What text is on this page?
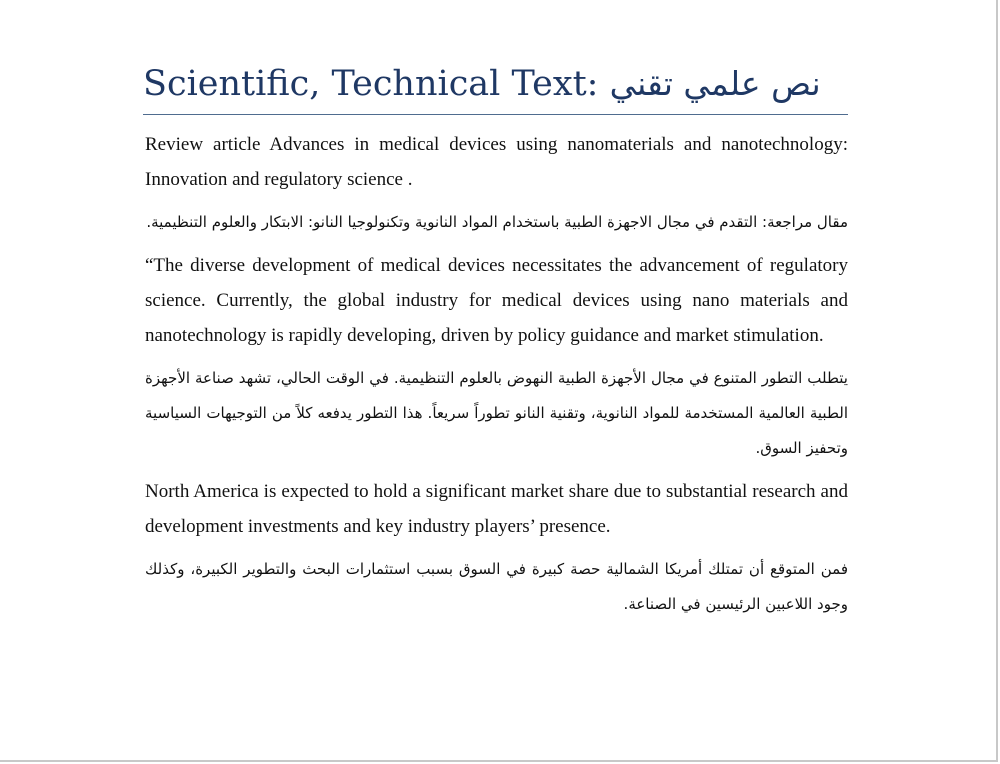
Scientific, Technical Text: نص علمي تقني

Review article Advances in medical devices using nanomaterials and nanotechnology: Innovation and regulatory science .

مقال مراجعة: التقدم في مجال الاجهزة الطبية باستخدام المواد النانوية وتكنولوجيا النانو: الابتكار والعلوم التنظيمية.

“The diverse development of medical devices necessitates the advancement of regulatory science. Currently, the global industry for medical devices using nano materials and nanotechnology is rapidly developing, driven by policy guidance and market stimulation.

يتطلب التطور المتنوع في مجال الأجهزة الطبية النهوض بالعلوم التنظيمية. في الوقت الحالي، تشهد صناعة الأجهزة الطبية العالمية المستخدمة للمواد النانوية، وتقنية النانو تطوراً سريعاً. هذا التطور يدفعه كلاً من التوجيهات السياسية وتحفيز السوق.

North America is expected to hold a significant market share due to substantial research and development investments and key industry players’ presence.

فمن المتوقع أن تمتلك أمريكا الشمالية حصة كبيرة في السوق بسبب استثمارات البحث والتطوير الكبيرة، وكذلك وجود اللاعبين الرئيسين في الصناعة.
